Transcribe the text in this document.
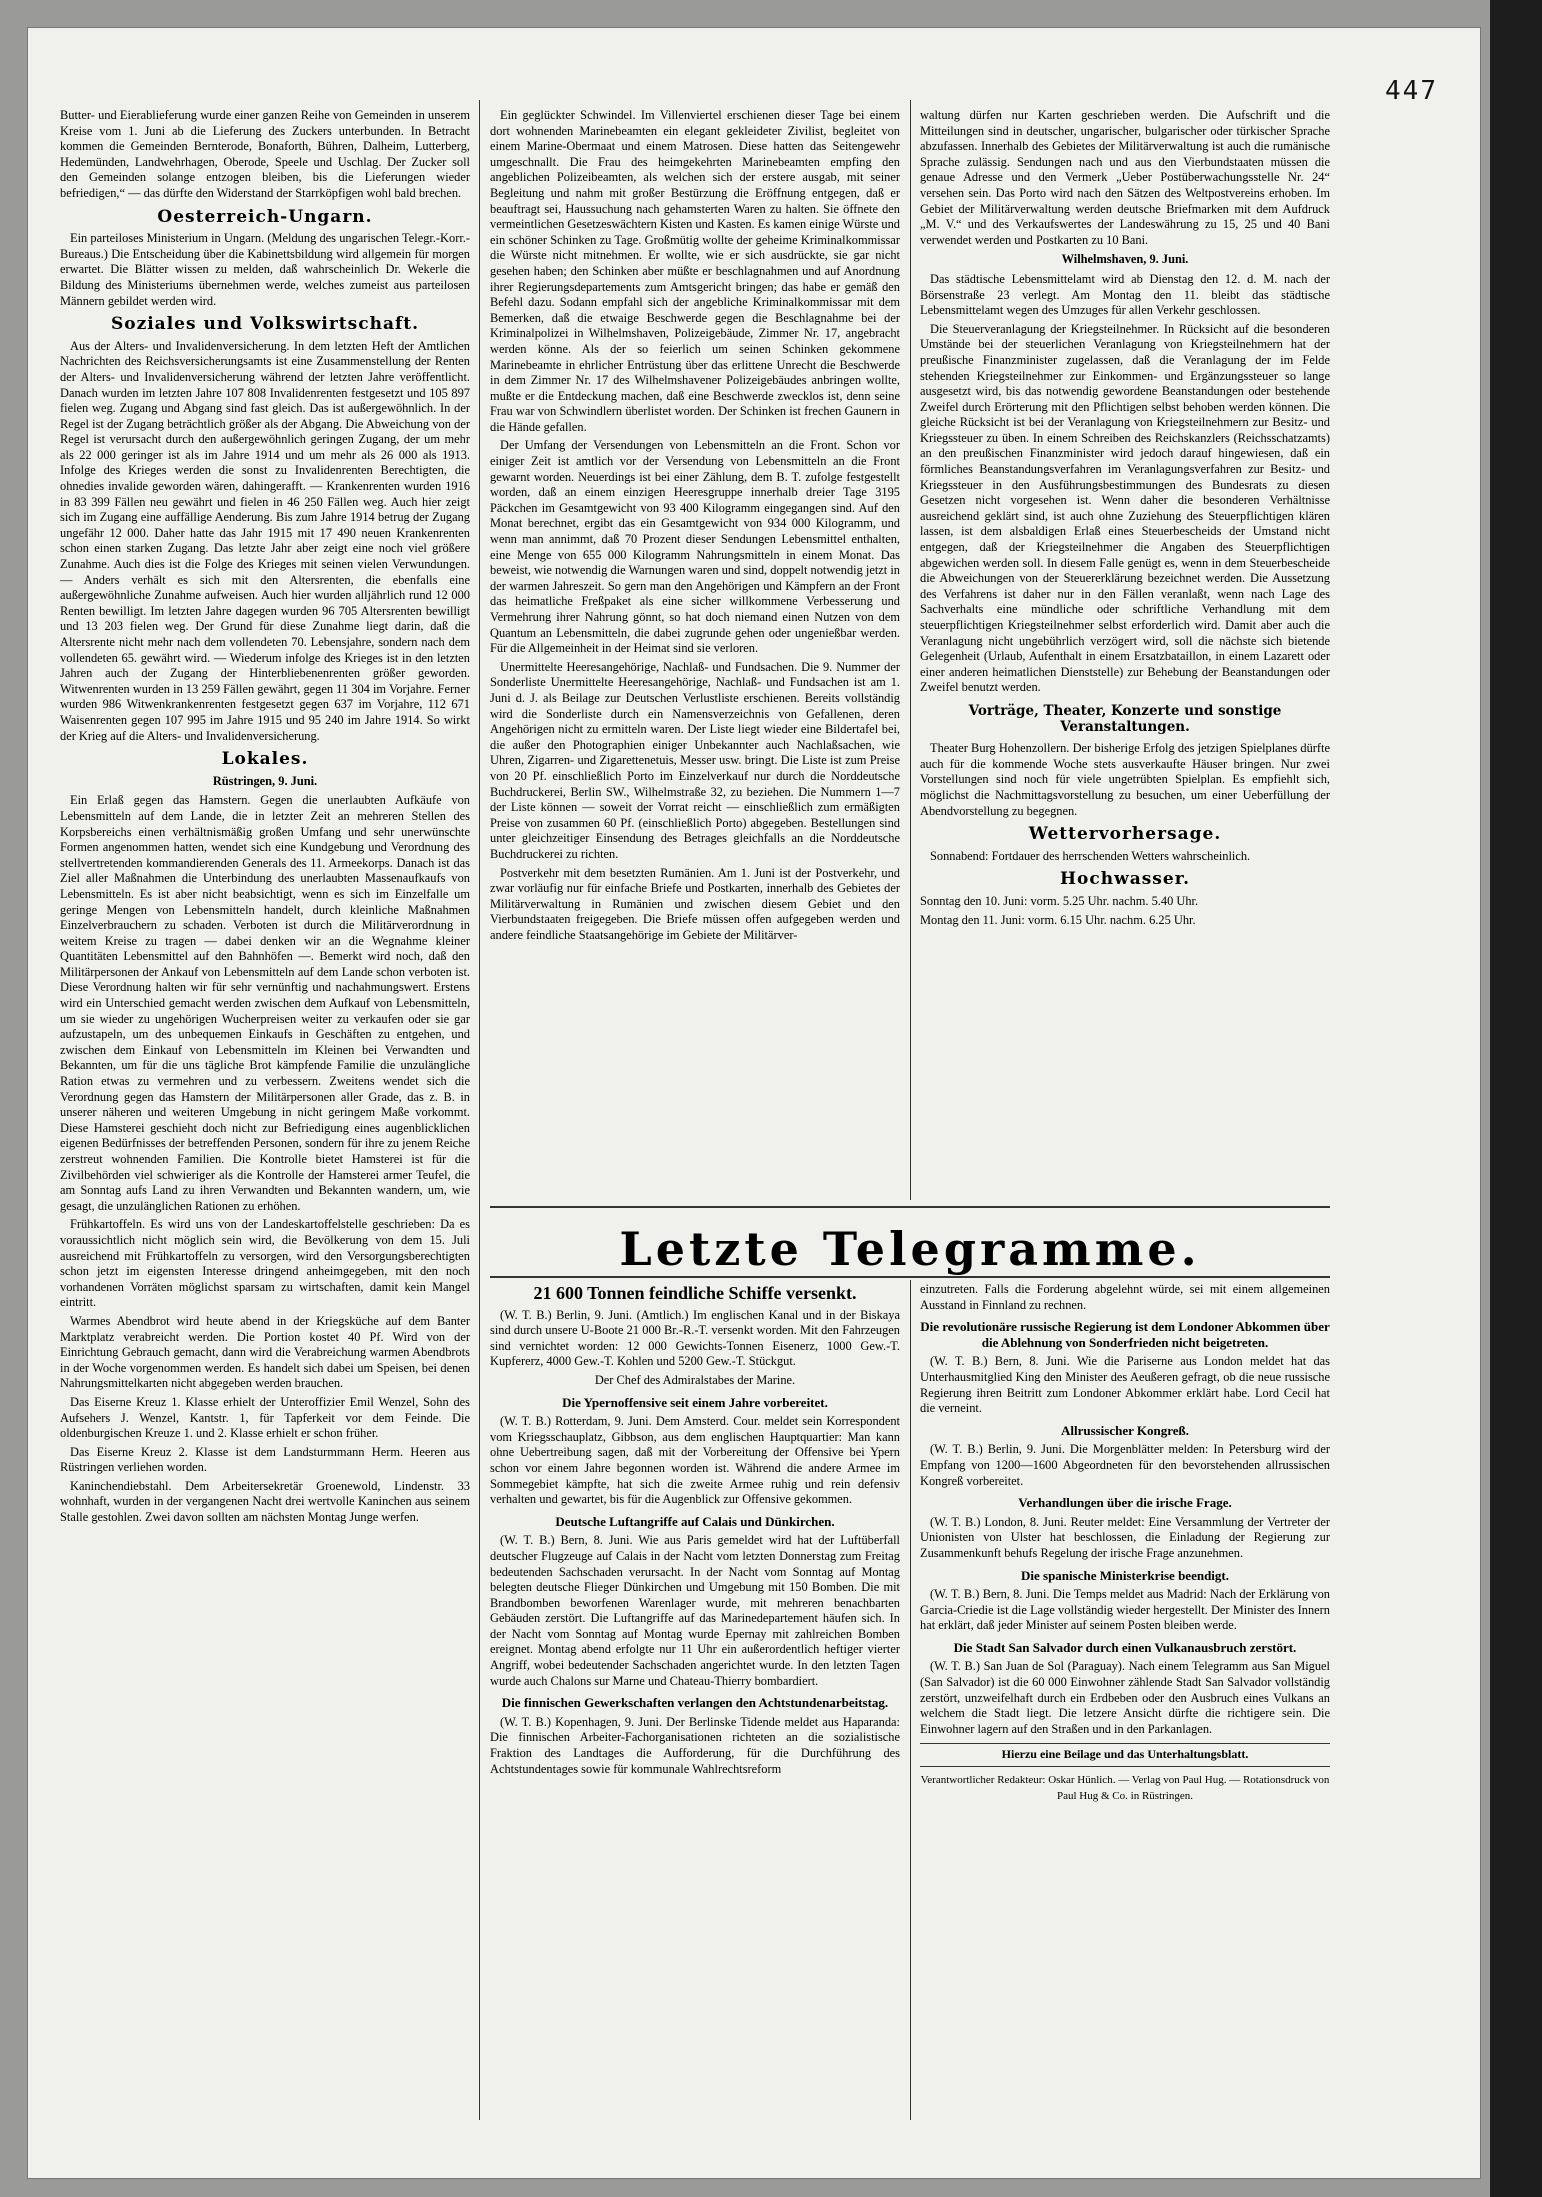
447

Butter- und Eierablieferung wurde einer ganzen Reihe von Gemeinden in unserem Kreise vom 1. Juni ab die Lieferung des Zuckers unterbunden. In Betracht kommen die Gemeinden Bernterode, Bonaforth, Bühren, Dalheim, Lutterberg, Hedemünden, Landwehrhagen, Oberode, Speele und Uschlag. Der Zucker soll den Gemeinden solange entzogen bleiben, bis die Lieferungen wieder befriedigen,“ — das dürfte den Widerstand der Starrköpfigen wohl bald brechen.

Oesterreich-Ungarn.

Ein parteiloses Ministerium in Ungarn. (Meldung des ungarischen Telegr.-Korr.-Bureaus.) Die Entscheidung über die Kabinettsbildung wird allgemein für morgen erwartet. Die Blätter wissen zu melden, daß wahrscheinlich Dr. Wekerle die Bildung des Ministeriums übernehmen werde, welches zumeist aus parteilosen Männern gebildet werden wird.

Soziales und Volkswirtschaft.

Aus der Alters- und Invalidenversicherung. In dem letzten Heft der Amtlichen Nachrichten des Reichsversicherungsamts ist eine Zusammenstellung der Renten der Alters- und Invalidenversicherung während der letzten Jahre veröffentlicht. Danach wurden im letzten Jahre 107 808 Invalidenrenten festgesetzt und 105 897 fielen weg. Zugang und Abgang sind fast gleich. Das ist außergewöhnlich. In der Regel ist der Zugang beträchtlich größer als der Abgang. Die Abweichung von der Regel ist verursacht durch den außergewöhnlich geringen Zugang, der um mehr als 22 000 geringer ist als im Jahre 1914 und um mehr als 26 000 als 1913. Infolge des Krieges werden die sonst zu Invalidenrenten Berechtigten, die ohnedies invalide geworden wären, dahingerafft. — Krankenrenten wurden 1916 in 83 399 Fällen neu gewährt und fielen in 46 250 Fällen weg. Auch hier zeigt sich im Zugang eine auffällige Aenderung. Bis zum Jahre 1914 betrug der Zugang ungefähr 12 000. Daher hatte das Jahr 1915 mit 17 490 neuen Krankenrenten schon einen starken Zugang. Das letzte Jahr aber zeigt eine noch viel größere Zunahme. Auch dies ist die Folge des Krieges mit seinen vielen Verwundungen. — Anders verhält es sich mit den Altersrenten, die ebenfalls eine außergewöhnliche Zunahme aufweisen. Auch hier wurden alljährlich rund 12 000 Renten bewilligt. Im letzten Jahre dagegen wurden 96 705 Altersrenten bewilligt und 13 203 fielen weg. Der Grund für diese Zunahme liegt darin, daß die Altersrente nicht mehr nach dem vollendeten 70. Lebensjahre, sondern nach dem vollendeten 65. gewährt wird. — Wiederum infolge des Krieges ist in den letzten Jahren auch der Zugang der Hinterbliebenenrenten größer geworden. Witwenrenten wurden in 13 259 Fällen gewährt, gegen 11 304 im Vorjahre. Ferner wurden 986 Witwenkrankenrenten festgesetzt gegen 637 im Vorjahre, 112 671 Waisenrenten gegen 107 995 im Jahre 1915 und 95 240 im Jahre 1914. So wirkt der Krieg auf die Alters- und Invalidenversicherung.

Lokales.
Rüstringen, 9. Juni.

Ein Erlaß gegen das Hamstern. Gegen die unerlaubten Aufkäufe von Lebensmitteln auf dem Lande, die in letzter Zeit an mehreren Stellen des Korpsbereichs einen verhältnismäßig großen Umfang und sehr unerwünschte Formen angenommen hatten, wendet sich eine Kundgebung und Verordnung des stellvertretenden kommandierenden Generals des 11. Armeekorps. Danach ist das Ziel aller Maßnahmen die Unterbindung des unerlaubten Massenaufkaufs von Lebensmitteln. Es ist aber nicht beabsichtigt, wenn es sich im Einzelfalle um geringe Mengen von Lebensmitteln handelt, durch kleinliche Maßnahmen Einzelverbrauchern zu schaden. Verboten ist durch die Militärverordnung in weitem Kreise zu tragen — dabei denken wir an die Wegnahme kleiner Quantitäten Lebensmittel auf den Bahnhöfen —. Bemerkt wird noch, daß den Militärpersonen der Ankauf von Lebensmitteln auf dem Lande schon verboten ist. Diese Verordnung halten wir für sehr vernünftig und nachahmungswert. Erstens wird ein Unterschied gemacht werden zwischen dem Aufkauf von Lebensmitteln, um sie wieder zu ungehörigen Wucherpreisen weiter zu verkaufen oder sie gar aufzustapeln, um des unbequemen Einkaufs in Geschäften zu entgehen, und zwischen dem Einkauf von Lebensmitteln im Kleinen bei Verwandten und Bekannten, um für die uns tägliche Brot kämpfende Familie die unzulängliche Ration etwas zu vermehren und zu verbessern. Zweitens wendet sich die Verordnung gegen das Hamstern der Militärpersonen aller Grade, das z. B. in unserer näheren und weiteren Umgebung in nicht geringem Maße vorkommt. Diese Hamsterei geschieht doch nicht zur Befriedigung eines augenblicklichen eigenen Bedürfnisses der betreffenden Personen, sondern für ihre zu jenem Reiche zerstreut wohnenden Familien. Die Kontrolle bietet Hamsterei ist für die Zivilbehörden viel schwieriger als die Kontrolle der Hamsterei armer Teufel, die am Sonntag aufs Land zu ihren Verwandten und Bekannten wandern, um, wie gesagt, die unzulänglichen Rationen zu erhöhen.

Frühkartoffeln. Es wird uns von der Landeskartoffelstelle geschrieben: Da es voraussichtlich nicht möglich sein wird, die Bevölkerung von dem 15. Juli ausreichend mit Frühkartoffeln zu versorgen, wird den Versorgungsberechtigten schon jetzt im eigensten Interesse dringend anheimgegeben, mit den noch vorhandenen Vorräten möglichst sparsam zu wirtschaften, damit kein Mangel eintritt.

Warmes Abendbrot wird heute abend in der Kriegsküche auf dem Banter Marktplatz verabreicht werden. Die Portion kostet 40 Pf. Wird von der Einrichtung Gebrauch gemacht, dann wird die Verabreichung warmen Abendbrots in der Woche vorgenommen werden. Es handelt sich dabei um Speisen, bei denen Nahrungsmittelkarten nicht abgegeben werden brauchen.

Das Eiserne Kreuz 1. Klasse erhielt der Unteroffizier Emil Wenzel, Sohn des Aufsehers J. Wenzel, Kantstr. 1, für Tapferkeit vor dem Feinde. Die oldenburgischen Kreuze 1. und 2. Klasse erhielt er schon früher.

Das Eiserne Kreuz 2. Klasse ist dem Landsturmmann Herm. Heeren aus Rüstringen verliehen worden.

Kaninchendiebstahl. Dem Arbeitersekretär Groenewold, Lindenstr. 33 wohnhaft, wurden in der vergangenen Nacht drei wertvolle Kaninchen aus seinem Stalle gestohlen. Zwei davon sollten am nächsten Montag Junge werfen.

Ein geglückter Schwindel. Im Villenviertel erschienen dieser Tage bei einem dort wohnenden Marinebeamten ein elegant gekleideter Zivilist, begleitet von einem Marine-Obermaat und einem Matrosen. Diese hatten das Seitengewehr umgeschnallt. Die Frau des heimgekehrten Marinebeamten empfing den angeblichen Polizeibeamten, als welchen sich der erstere ausgab, mit seiner Begleitung und nahm mit großer Bestürzung die Eröffnung entgegen, daß er beauftragt sei, Haussuchung nach gehamsterten Waren zu halten. Sie öffnete den vermeintlichen Gesetzeswächtern Kisten und Kasten. Es kamen einige Würste und ein schöner Schinken zu Tage. Großmütig wollte der geheime Kriminalkommissar die Würste nicht mitnehmen. Er wollte, wie er sich ausdrückte, sie gar nicht gesehen haben; den Schinken aber müßte er beschlagnahmen und auf Anordnung ihrer Regierungsdepartements zum Amtsgericht bringen; das habe er gemäß den Befehl dazu. Sodann empfahl sich der angebliche Kriminalkommissar mit dem Bemerken, daß die etwaige Beschwerde gegen die Beschlagnahme bei der Kriminalpolizei in Wilhelmshaven, Polizeigebäude, Zimmer Nr. 17, angebracht werden könne. Als der so feierlich um seinen Schinken gekommene Marinebeamte in ehrlicher Entrüstung über das erlittene Unrecht die Beschwerde in dem Zimmer Nr. 17 des Wilhelmshavener Polizeigebäudes anbringen wollte, mußte er die Entdeckung machen, daß eine Beschwerde zwecklos ist, denn seine Frau war von Schwindlern überlistet worden. Der Schinken ist frechen Gaunern in die Hände gefallen.

Der Umfang der Versendungen von Lebensmitteln an die Front. Schon vor einiger Zeit ist amtlich vor der Versendung von Lebensmitteln an die Front gewarnt worden. Neuerdings ist bei einer Zählung, dem B. T. zufolge festgestellt worden, daß an einem einzigen Heeresgruppe innerhalb dreier Tage 3195 Päckchen im Gesamtgewicht von 93 400 Kilogramm eingegangen sind. Auf den Monat berechnet, ergibt das ein Gesamtgewicht von 934 000 Kilogramm, und wenn man annimmt, daß 70 Prozent dieser Sendungen Lebensmittel enthalten, eine Menge von 655 000 Kilogramm Nahrungsmitteln in einem Monat. Das beweist, wie notwendig die Warnungen waren und sind, doppelt notwendig jetzt in der warmen Jahreszeit. So gern man den Angehörigen und Kämpfern an der Front das heimatliche Freßpaket als eine sicher willkommene Verbesserung und Vermehrung ihrer Nahrung gönnt, so hat doch niemand einen Nutzen von dem Quantum an Lebensmitteln, die dabei zugrunde gehen oder ungenießbar werden. Für die Allgemeinheit in der Heimat sind sie verloren.

Unermittelte Heeresangehörige, Nachlaß- und Fundsachen. Die 9. Nummer der Sonderliste Unermittelte Heeresangehörige, Nachlaß- und Fundsachen ist am 1. Juni d. J. als Beilage zur Deutschen Verlustliste erschienen. Bereits vollständig wird die Sonderliste durch ein Namensverzeichnis von Gefallenen, deren Angehörigen nicht zu ermitteln waren. Der Liste liegt wieder eine Bildertafel bei, die außer den Photographien einiger Unbekannter auch Nachlaßsachen, wie Uhren, Zigarren- und Zigarettenetuis, Messer usw. bringt. Die Liste ist zum Preise von 20 Pf. einschließlich Porto im Einzelverkauf nur durch die Norddeutsche Buchdruckerei, Berlin SW., Wilhelmstraße 32, zu beziehen. Die Nummern 1—7 der Liste können — soweit der Vorrat reicht — einschließlich zum ermäßigten Preise von zusammen 60 Pf. (einschließlich Porto) abgegeben. Bestellungen sind unter gleichzeitiger Einsendung des Betrages gleichfalls an die Norddeutsche Buchdruckerei zu richten.

Postverkehr mit dem besetzten Rumänien. Am 1. Juni ist der Postverkehr, und zwar vorläufig nur für einfache Briefe und Postkarten, innerhalb des Gebietes der Militärverwaltung in Rumänien und zwischen diesem Gebiet und den Vierbundstaaten freigegeben. Die Briefe müssen offen aufgegeben werden und andere feindliche Staatsangehörige im Gebiete der Militärver-

waltung dürfen nur Karten geschrieben werden. Die Aufschrift und die Mitteilungen sind in deutscher, ungarischer, bulgarischer oder türkischer Sprache abzufassen. Innerhalb des Gebietes der Militärverwaltung ist auch die rumänische Sprache zulässig. Sendungen nach und aus den Vierbundstaaten müssen die genaue Adresse und den Vermerk „Ueber Postüberwachungsstelle Nr. 24“ versehen sein. Das Porto wird nach den Sätzen des Weltpostvereins erhoben. Im Gebiet der Militärverwaltung werden deutsche Briefmarken mit dem Aufdruck „M. V.“ und des Verkaufswertes der Landeswährung zu 15, 25 und 40 Bani verwendet werden und Postkarten zu 10 Bani.

Wilhelmshaven, 9. Juni.

Das städtische Lebensmittelamt wird ab Dienstag den 12. d. M. nach der Börsenstraße 23 verlegt. Am Montag den 11. bleibt das städtische Lebensmittelamt wegen des Umzuges für allen Verkehr geschlossen.

Die Steuerveranlagung der Kriegsteilnehmer. In Rücksicht auf die besonderen Umstände bei der steuerlichen Veranlagung von Kriegsteilnehmern hat der preußische Finanzminister zugelassen, daß die Veranlagung der im Felde stehenden Kriegsteilnehmer zur Einkommen- und Ergänzungssteuer so lange ausgesetzt wird, bis das notwendig gewordene Beanstandungen oder bestehende Zweifel durch Erörterung mit den Pflichtigen selbst behoben werden können. Die gleiche Rücksicht ist bei der Veranlagung von Kriegsteilnehmern zur Besitz- und Kriegssteuer zu üben. In einem Schreiben des Reichskanzlers (Reichsschatzamts) an den preußischen Finanzminister wird jedoch darauf hingewiesen, daß ein förmliches Beanstandungsverfahren im Veranlagungsverfahren zur Besitz- und Kriegssteuer in den Ausführungsbestimmungen des Bundesrats zu diesen Gesetzen nicht vorgesehen ist. Wenn daher die besonderen Verhältnisse ausreichend geklärt sind, ist auch ohne Zuziehung des Steuerpflichtigen klären lassen, ist dem alsbaldigen Erlaß eines Steuerbescheids der Umstand nicht entgegen, daß der Kriegsteilnehmer die Angaben des Steuerpflichtigen abgewichen werden soll. In diesem Falle genügt es, wenn in dem Steuerbescheide die Abweichungen von der Steuererklärung bezeichnet werden. Die Aussetzung des Verfahrens ist daher nur in den Fällen veranlaßt, wenn nach Lage des Sachverhalts eine mündliche oder schriftliche Verhandlung mit dem steuerpflichtigen Kriegsteilnehmer selbst erforderlich wird. Damit aber auch die Veranlagung nicht ungebührlich verzögert wird, soll die nächste sich bietende Gelegenheit (Urlaub, Aufenthalt in einem Ersatzbataillon, in einem Lazarett oder einer anderen heimatlichen Dienststelle) zur Behebung der Beanstandungen oder Zweifel benutzt werden.

Vorträge, Theater, Konzerte und sonstige Veranstaltungen.

Theater Burg Hohenzollern. Der bisherige Erfolg des jetzigen Spielplanes dürfte auch für die kommende Woche stets ausverkaufte Häuser bringen. Nur zwei Vorstellungen sind noch für viele ungetrübten Spielplan. Es empfiehlt sich, möglichst die Nachmittagsvorstellung zu besuchen, um einer Ueberfüllung der Abendvorstellung zu begegnen.

Wettervorhersage.

Sonnabend: Fortdauer des herrschenden Wetters wahrscheinlich.

Hochwasser.

Sonntag den 10. Juni: vorm. 5.25 Uhr. nachm. 5.40 Uhr.

Montag den 11. Juni: vorm. 6.15 Uhr. nachm. 6.25 Uhr.

Letzte Telegramme.
21 600 Tonnen feindliche Schiffe versenkt.

(W. T. B.) Berlin, 9. Juni. (Amtlich.) Im englischen Kanal und in der Biskaya sind durch unsere U-Boote 21 000 Br.-R.-T. versenkt worden. Mit den Fahrzeugen sind vernichtet worden: 12 000 Gewichts-Tonnen Eisenerz, 1000 Gew.-T. Kupfererz, 4000 Gew.-T. Kohlen und 5200 Gew.-T. Stückgut.

Der Chef des Admiralstabes der Marine.

Die Ypernoffensive seit einem Jahre vorbereitet.

(W. T. B.) Rotterdam, 9. Juni. Dem Amsterd. Cour. meldet sein Korrespondent vom Kriegsschauplatz, Gibbson, aus dem englischen Hauptquartier: Man kann ohne Uebertreibung sagen, daß mit der Vorbereitung der Offensive bei Ypern schon vor einem Jahre begonnen worden ist. Während die andere Armee im Sommegebiet kämpfte, hat sich die zweite Armee ruhig und rein defensiv verhalten und gewartet, bis für die Augenblick zur Offensive gekommen.

Deutsche Luftangriffe auf Calais und Dünkirchen.

(W. T. B.) Bern, 8. Juni. Wie aus Paris gemeldet wird hat der Luftüberfall deutscher Flugzeuge auf Calais in der Nacht vom letzten Donnerstag zum Freitag bedeutenden Sachschaden verursacht. In der Nacht vom Sonntag auf Montag belegten deutsche Flieger Dünkirchen und Umgebung mit 150 Bomben. Die mit Brandbomben beworfenen Warenlager wurde, mit mehreren benachbarten Gebäuden zerstört. Die Luftangriffe auf das Marinedepartement häufen sich. In der Nacht vom Sonntag auf Montag wurde Epernay mit zahlreichen Bomben ereignet. Montag abend erfolgte nur 11 Uhr ein außerordentlich heftiger vierter Angriff, wobei bedeutender Sachschaden angerichtet wurde. In den letzten Tagen wurde auch Chalons sur Marne und Chateau-Thierry bombardiert.

Die finnischen Gewerkschaften verlangen den Achtstundenarbeitstag.

(W. T. B.) Kopenhagen, 9. Juni. Der Berlinske Tidende meldet aus Haparanda: Die finnischen Arbeiter-Fachorganisationen richteten an die sozialistische Fraktion des Landtages die Aufforderung, für die Durchführung des Achtstundentages sowie für kommunale Wahlrechtsreform

einzutreten. Falls die Forderung abgelehnt würde, sei mit einem allgemeinen Ausstand in Finnland zu rechnen.

Die revolutionäre russische Regierung ist dem Londoner Abkommen über die Ablehnung von Sonderfrieden nicht beigetreten.

(W. T. B.) Bern, 8. Juni. Wie die Pariserne aus London meldet hat das Unterhausmitglied King den Minister des Aeußeren gefragt, ob die neue russische Regierung ihren Beitritt zum Londoner Abkommer erklärt habe. Lord Cecil hat die verneint.

Allrussischer Kongreß.

(W. T. B.) Berlin, 9. Juni. Die Morgenblätter melden: In Petersburg wird der Empfang von 1200—1600 Abgeordneten für den bevorstehenden allrussischen Kongreß vorbereitet.

Verhandlungen über die irische Frage.

(W. T. B.) London, 8. Juni. Reuter meldet: Eine Versammlung der Vertreter der Unionisten von Ulster hat beschlossen, die Einladung der Regierung zur Zusammenkunft behufs Regelung der irische Frage anzunehmen.

Die spanische Ministerkrise beendigt.

(W. T. B.) Bern, 8. Juni. Die Temps meldet aus Madrid: Nach der Erklärung von Garcia-Criedie ist die Lage vollständig wieder hergestellt. Der Minister des Innern hat erklärt, daß jeder Minister auf seinem Posten bleiben werde.

Die Stadt San Salvador durch einen Vulkanausbruch zerstört.

(W. T. B.) San Juan de Sol (Paraguay). Nach einem Telegramm aus San Miguel (San Salvador) ist die 60 000 Einwohner zählende Stadt San Salvador vollständig zerstört, unzweifelhaft durch ein Erdbeben oder den Ausbruch eines Vulkans an welchem die Stadt liegt. Die letzere Ansicht dürfte die richtigere sein. Die Einwohner lagern auf den Straßen und in den Parkanlagen.

Hierzu eine Beilage und das Unterhaltungsblatt.
Verantwortlicher Redakteur: Oskar Hünlich. — Verlag von Paul Hug. — Rotationsdruck von Paul Hug & Co. in Rüstringen.
